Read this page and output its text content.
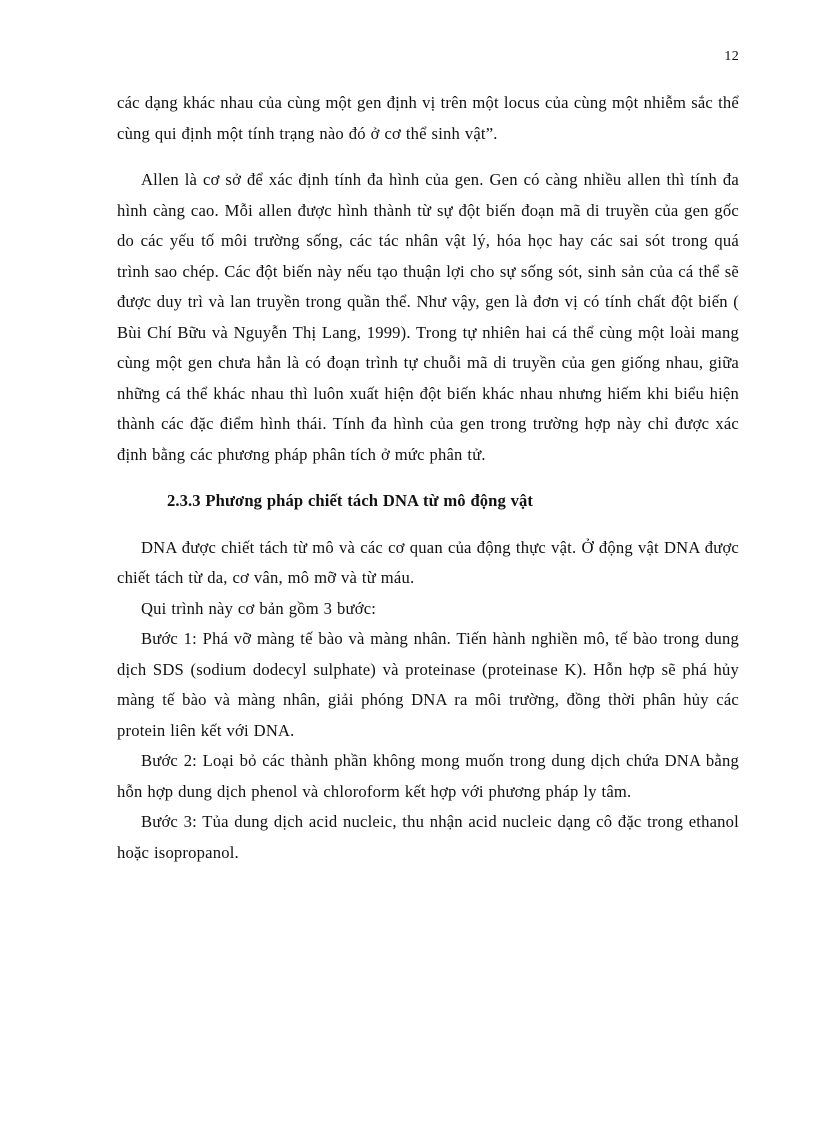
12

các dạng khác nhau của cùng một gen định vị trên một locus của cùng một nhiễm sắc thể cùng qui định một tính trạng nào đó ở cơ thể sinh vật”.

Allen là cơ sở để xác định tính đa hình của gen. Gen có càng nhiều allen thì tính đa hình càng cao. Mỗi allen được hình thành từ sự đột biến đoạn mã di truyền của gen gốc do các yếu tố môi trường sống, các tác nhân vật lý, hóa học hay các sai sót trong quá trình sao chép. Các đột biến này nếu tạo thuận lợi cho sự sống sót, sinh sản của cá thể sẽ được duy trì và lan truyền trong quần thể. Như vậy, gen là đơn vị có tính chất đột biến ( Bùi Chí Bữu và Nguyễn Thị Lang, 1999). Trong tự nhiên hai cá thể cùng một loài mang cùng một gen chưa hẳn là có đoạn trình tự chuỗi mã di truyền của gen giống nhau, giữa những cá thể khác nhau thì luôn xuất hiện đột biến khác nhau nhưng hiếm khi biểu hiện thành các đặc điểm hình thái. Tính đa hình của gen trong trường hợp này chỉ được xác định bằng các phương pháp phân tích ở mức phân tử.

2.3.3 Phương pháp chiết tách DNA từ mô động vật

DNA được chiết tách từ mô và các cơ quan của động thực vật. Ở động vật DNA được chiết tách từ da, cơ vân, mô mỡ và từ máu.

Qui trình này cơ bản gồm 3 bước:

Bước 1: Phá vỡ màng tế bào và màng nhân. Tiến hành nghiền mô, tế bào trong dung dịch SDS (sodium dodecyl sulphate) và proteinase (proteinase K). Hỗn hợp sẽ phá hủy màng tế bào và màng nhân, giải phóng DNA ra môi trường, đồng thời phân hủy các protein liên kết với DNA.

Bước 2: Loại bỏ các thành phần không mong muốn trong dung dịch chứa DNA bằng hỗn hợp dung dịch phenol và chloroform kết hợp với phương pháp ly tâm.

Bước 3: Tủa dung dịch acid nucleic, thu nhận acid nucleic dạng cô đặc trong ethanol hoặc isopropanol.
